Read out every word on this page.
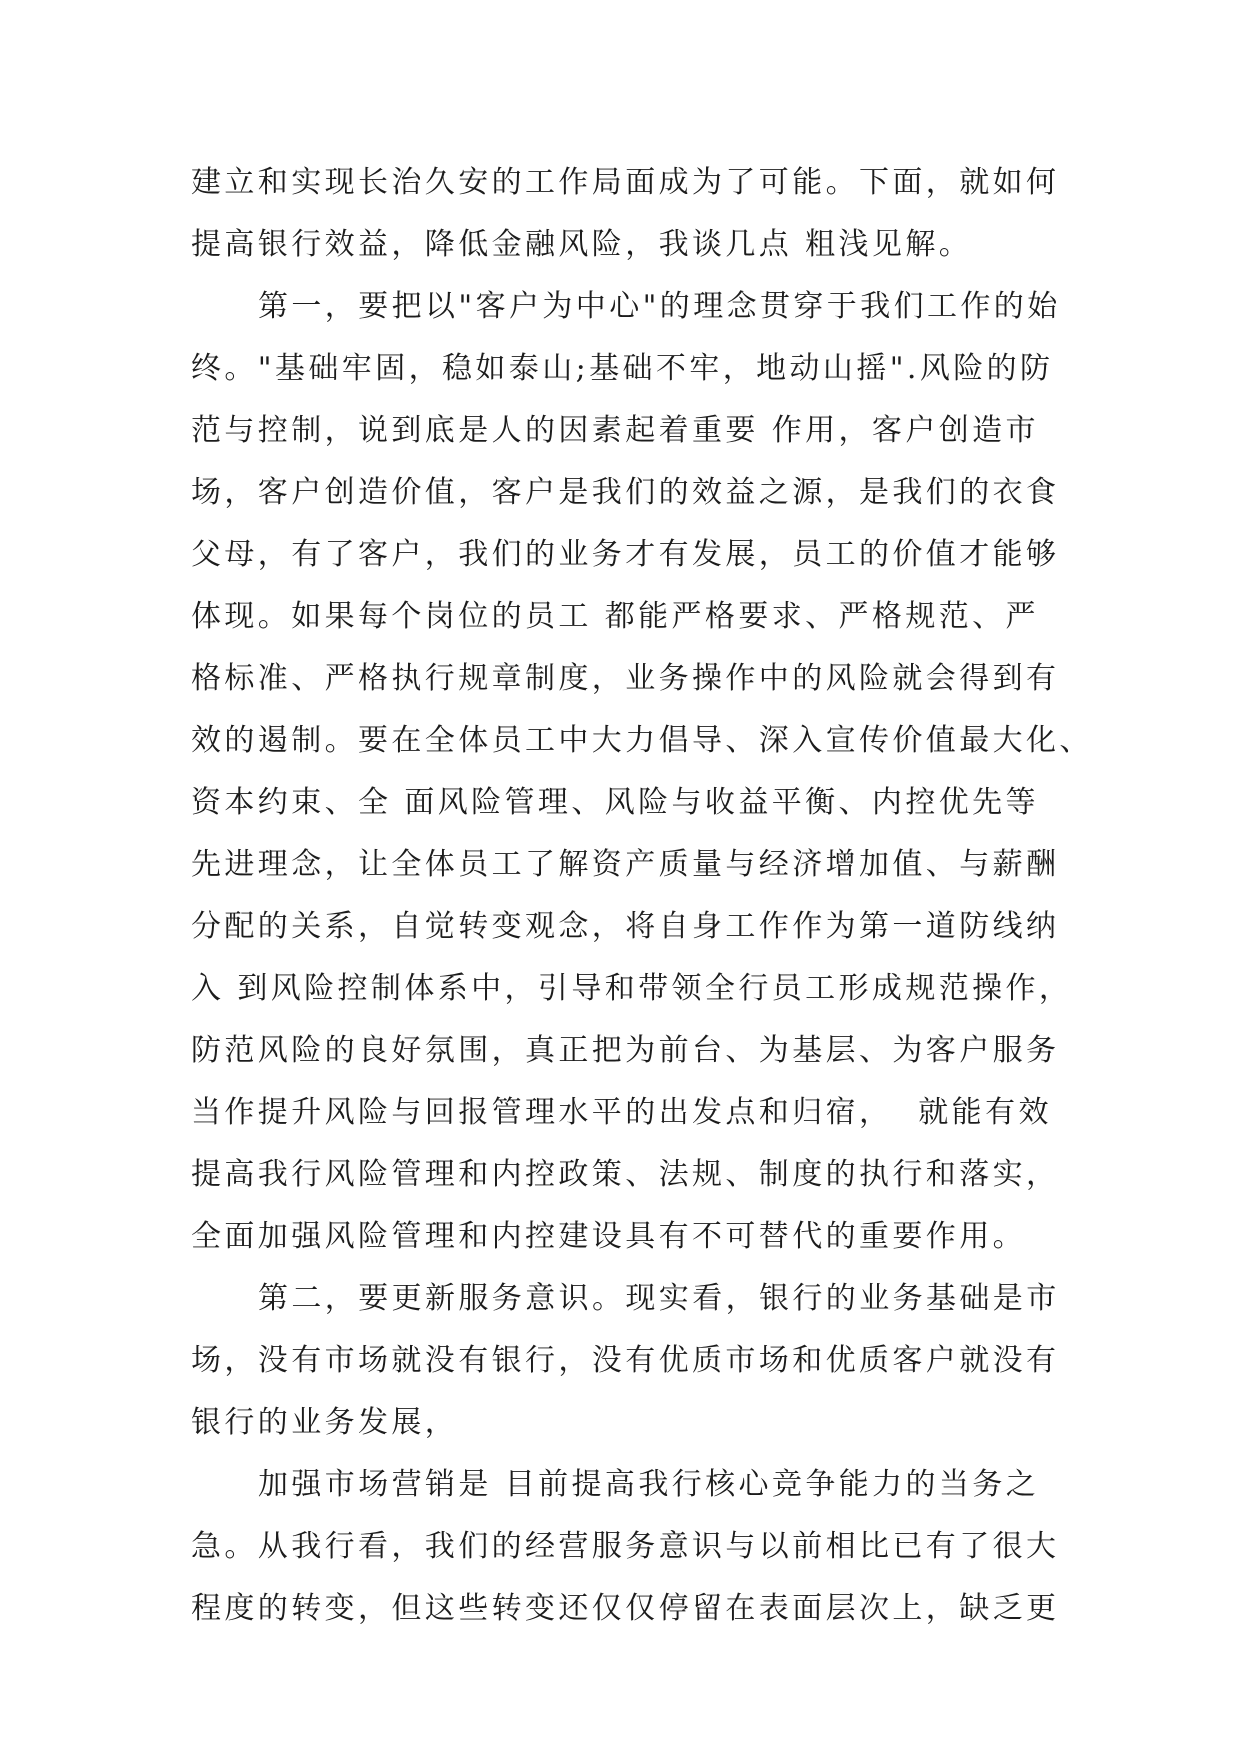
建立和实现长治久安的工作局面成为了可能。下面，就如何
提高银行效益，降低金融风险，我谈几点 粗浅见解。
第一，要把以"客户为中心"的理念贯穿于我们工作的始
终。"基础牢固，稳如泰山;基础不牢，地动山摇".风险的防
范与控制，说到底是人的因素起着重要 作用，客户创造市
场，客户创造价值，客户是我们的效益之源，是我们的衣食
父母，有了客户，我们的业务才有发展，员工的价值才能够
体现。如果每个岗位的员工 都能严格要求、严格规范、严
格标准、严格执行规章制度，业务操作中的风险就会得到有
效的遏制。要在全体员工中大力倡导、深入宣传价值最大化、
资本约束、全 面风险管理、风险与收益平衡、内控优先等
先进理念，让全体员工了解资产质量与经济增加值、与薪酬
分配的关系，自觉转变观念，将自身工作作为第一道防线纳
入 到风险控制体系中，引导和带领全行员工形成规范操作，
防范风险的良好氛围，真正把为前台、为基层、为客户服务
当作提升风险与回报管理水平的出发点和归宿，  就能有效
提高我行风险管理和内控政策、法规、制度的执行和落实，
全面加强风险管理和内控建设具有不可替代的重要作用。
第二，要更新服务意识。现实看，银行的业务基础是市
场，没有市场就没有银行，没有优质市场和优质客户就没有
银行的业务发展，
加强市场营销是 目前提高我行核心竞争能力的当务之
急。从我行看，我们的经营服务意识与以前相比已有了很大
程度的转变，但这些转变还仅仅停留在表面层次上，缺乏更
